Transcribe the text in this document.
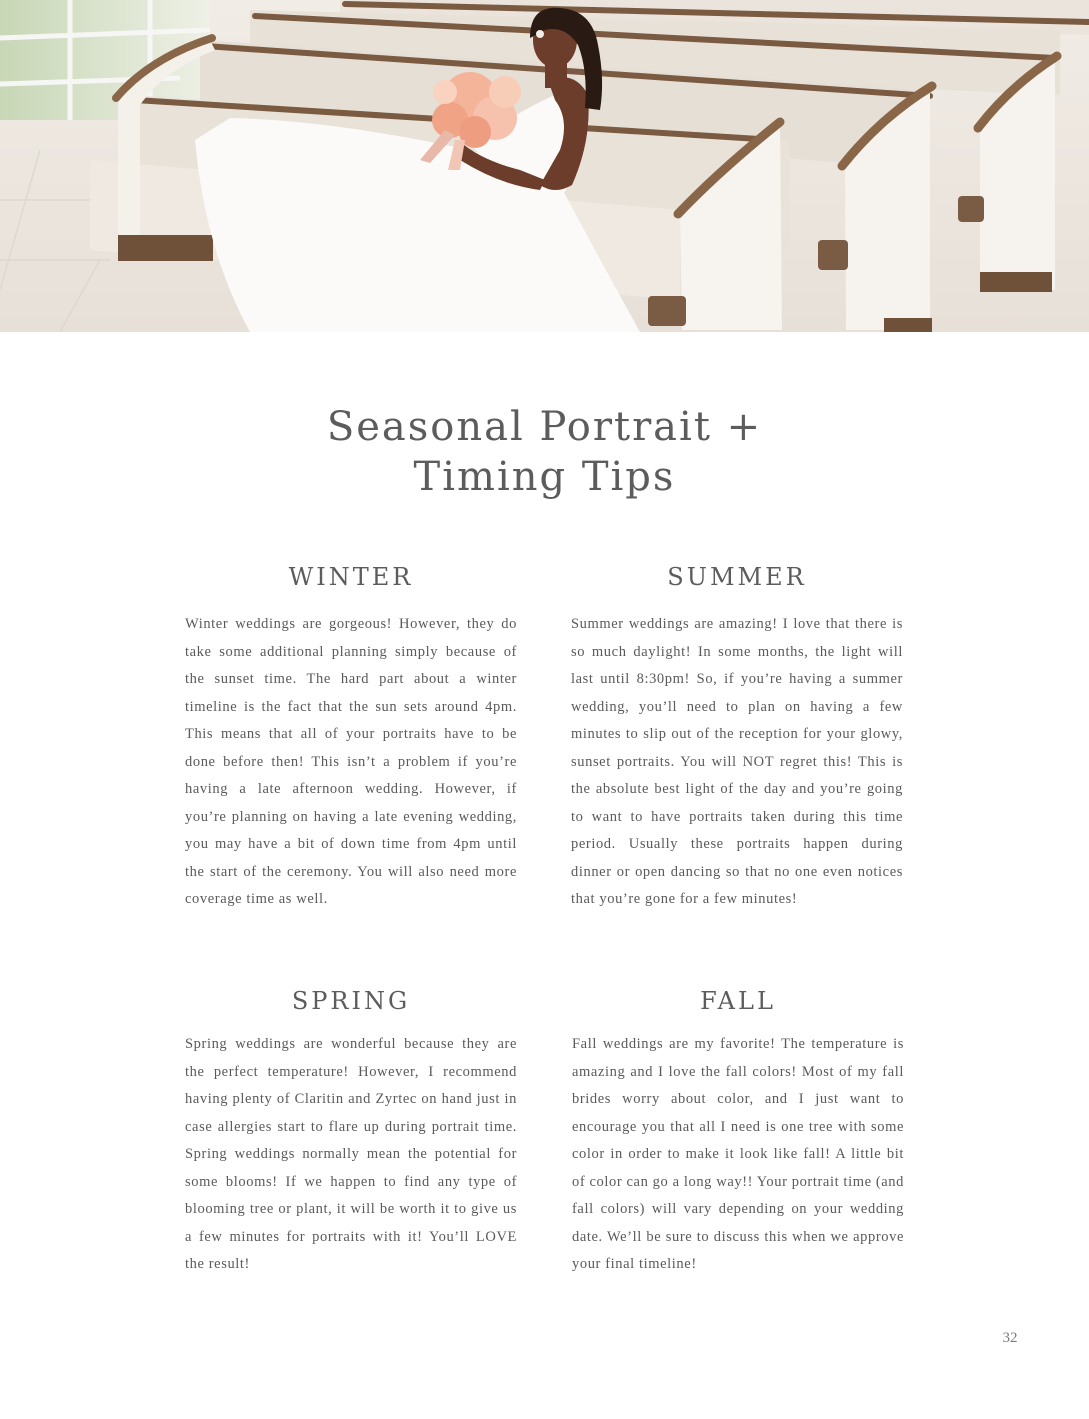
Seasonal Portrait +
Timing Tips
WINTER

Winter weddings are gorgeous! However, they do take some additional planning simply because of the sunset time. The hard part about a winter timeline is the fact that the sun sets around 4pm. This means that all of your portraits have to be done before then! This isn’t a problem if you’re having a late afternoon wedding. However, if you’re planning on having a late evening wedding, you may have a bit of down time from 4pm until the start of the ceremony. You will also need more coverage time as well.

SUMMER

Summer weddings are amazing! I love that there is so much daylight! In some months, the light will last until 8:30pm! So, if you’re having a summer wedding, you’ll need to plan on having a few minutes to slip out of the reception for your glowy, sunset portraits. You will NOT regret this! This is the absolute best light of the day and you’re going to want to have portraits taken during this time period. Usually these portraits happen during dinner or open dancing so that no one even notices that you’re gone for a few minutes!

SPRING

Spring weddings are wonderful because they are the perfect temperature! However, I recommend having plenty of Claritin and Zyrtec on hand just in case allergies start to flare up during portrait time. Spring weddings normally mean the potential for some blooms! If we happen to find any type of blooming tree or plant, it will be worth it to give us a few minutes for portraits with it! You’ll LOVE the result!

FALL

Fall weddings are my favorite! The temperature is amazing and I love the fall colors! Most of my fall brides worry about color, and I just want to encourage you that all I need is one tree with some color in order to make it look like fall! A little bit of color can go a long way!! Your portrait time (and fall colors) will vary depending on your wedding date. We’ll be sure to discuss this when we approve your final timeline!

32
